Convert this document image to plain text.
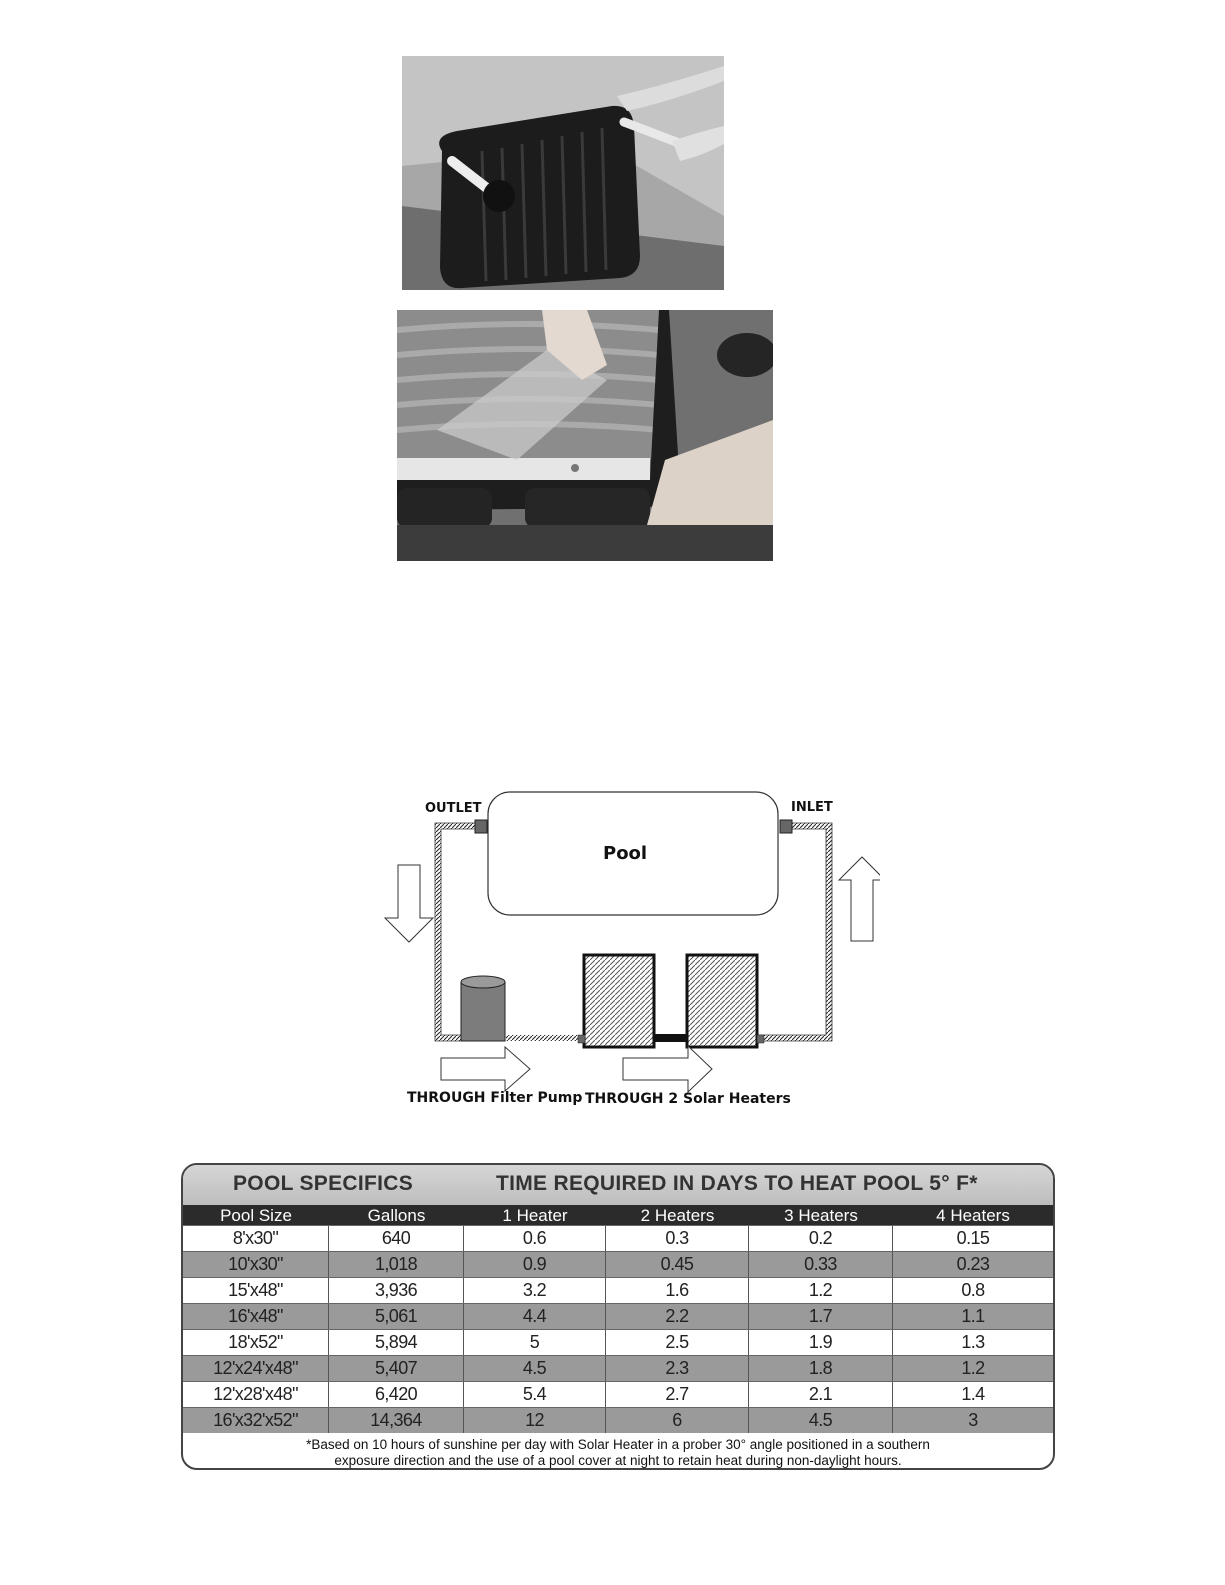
OUTLET	INLET
Pool
THROUGH Filter Pump THROUGH 2 Solar Heaters
POOL SPECIFICS	TIME REQUIRED IN DAYS TO HEAT POOL 5° F*
Pool Size	Gallons	1 Heater	2 Heaters	3 Heaters	4 Heaters
8'x30"	640	0.6	0.3	0.2	0.15
10'x30"	1,018	0.9	0.45	0.33	0.23
15'x48"	3,936	3.2	1.6	1.2	0.8
16'x48"	5,061	4.4	2.2	1.7	1.1
18'x52"	5,894	5	2.5	1.9	1.3
12'x24'x48"	5,407	4.5	2.3	1.8	1.2
12'x28'x48"	6,420	5.4	2.7	2.1	1.4
16'x32'x52"	14,364	12	6	4.5	3
*Based on 10 hours of sunshine per day with Solar Heater in a prober 30° angle positioned in a southern
exposure direction and the use of a pool cover at night to retain heat during non-daylight hours.
